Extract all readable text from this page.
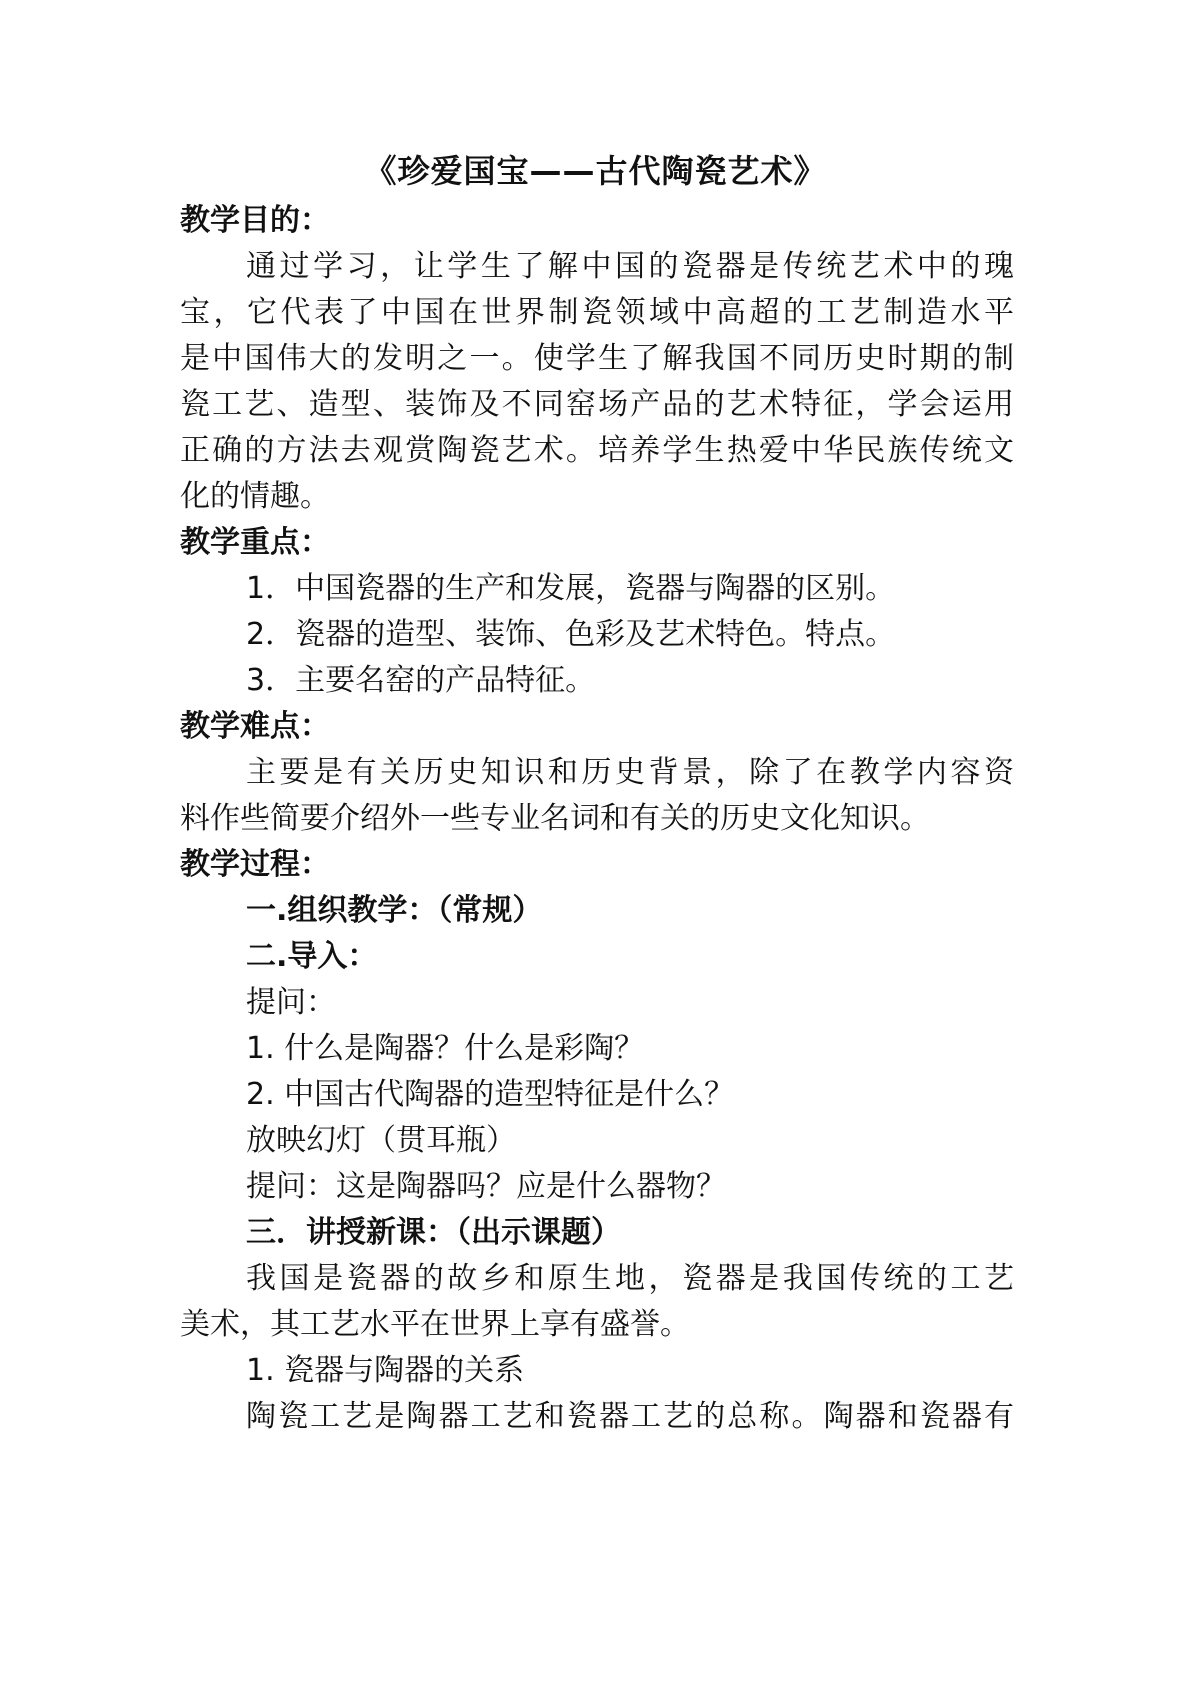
《珍爱国宝——古代陶瓷艺术》
教学目的：
通过学习，让学生了解中国的瓷器是传统艺术中的瑰
宝，它代表了中国在世界制瓷领域中高超的工艺制造水平
是中国伟大的发明之一。使学生了解我国不同历史时期的制
瓷工艺、造型、装饰及不同窑场产品的艺术特征，学会运用
正确的方法去观赏陶瓷艺术。培养学生热爱中华民族传统文
化的情趣。
教学重点：
1．中国瓷器的生产和发展，瓷器与陶器的区别。
2．瓷器的造型、装饰、色彩及艺术特色。特点。
3．主要名窑的产品特征。
教学难点：
主要是有关历史知识和历史背景，除了在教学内容资
料作些简要介绍外一些专业名词和有关的历史文化知识。
教学过程：
一.组织教学：（常规）
二.导入：
提问：
1. 什么是陶器？什么是彩陶？
2. 中国古代陶器的造型特征是什么？
放映幻灯（贯耳瓶）
提问：这是陶器吗？应是什么器物？
三．讲授新课：（出示课题）
我国是瓷器的故乡和原生地，瓷器是我国传统的工艺
美术，其工艺水平在世界上享有盛誉。
1. 瓷器与陶器的关系
陶瓷工艺是陶器工艺和瓷器工艺的总称。陶器和瓷器有
